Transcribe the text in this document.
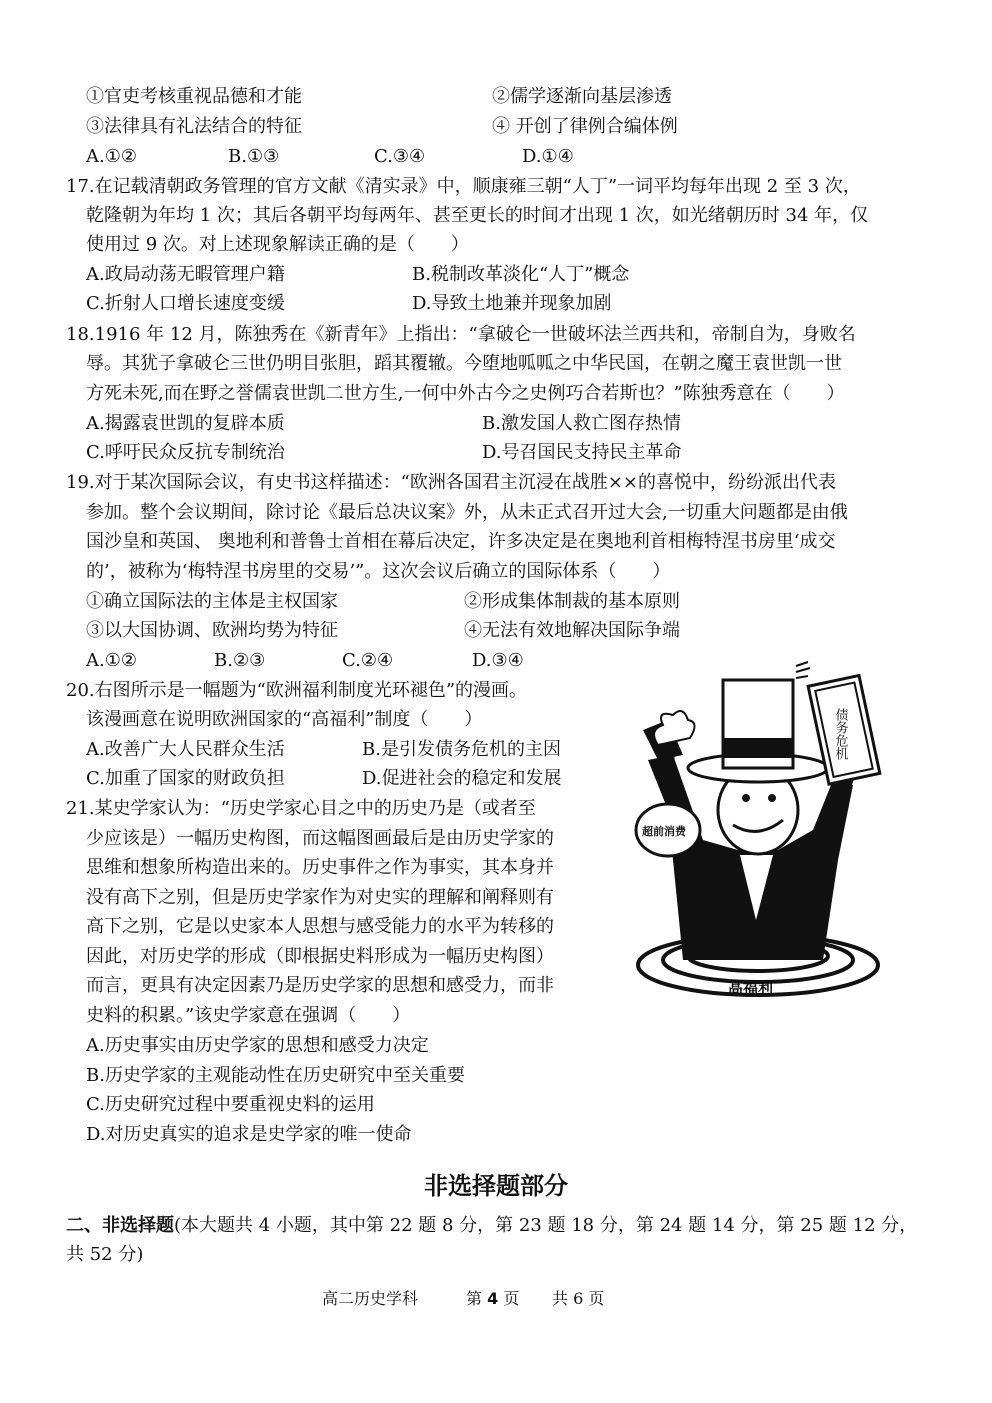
①官吏考核重视品德和才能	②儒学逐渐向基层渗透
③法律具有礼法结合的特征	④ 开创了律例合编体例
A.①②	B.①③	C.③④	D.①④
17.在记载清朝政务管理的官方文献《清实录》中，顺康雍三朝“人丁”一词平均每年出现 2 至 3 次，
乾隆朝为年均 1 次；其后各朝平均每两年、甚至更长的时间才出现 1 次，如光绪朝历时 34 年，仅
使用过 9 次。对上述现象解读正确的是（　　）
A.政局动荡无暇管理户籍	B.税制改革淡化“人丁”概念
C.折射人口增长速度变缓	D.导致土地兼并现象加剧
18.1916 年 12 月，陈独秀在《新青年》上指出：“拿破仑一世破坏法兰西共和，帝制自为，身败名
辱。其犹子拿破仑三世仍明目张胆，蹈其覆辙。今堕地呱呱之中华民国，在朝之魔王袁世凯一世
方死未死,而在野之誉儒袁世凯二世方生,一何中外古今之史例巧合若斯也？”陈独秀意在（　　）
A.揭露袁世凯的复辟本质	B.激发国人救亡图存热情
C.呼吁民众反抗专制统治	D.号召国民支持民主革命
19.对于某次国际会议，有史书这样描述：“欧洲各国君主沉浸在战胜××的喜悦中，纷纷派出代表
参加。整个会议期间，除讨论《最后总决议案》外，从未正式召开过大会,一切重大问题都是由俄
国沙皇和英国、 奥地利和普鲁士首相在幕后决定，许多决定是在奥地利首相梅特涅书房里‘成交
的’，被称为‘梅特涅书房里的交易’”。这次会议后确立的国际体系（　　）
①确立国际法的主体是主权国家	②形成集体制裁的基本原则
③以大国协调、欧洲均势为特征	④无法有效地解决国际争端
A.①②	B.②③	C.②④	D.③④
20.右图所示是一幅题为“欧洲福利制度光环褪色”的漫画。
该漫画意在说明欧洲国家的“高福利”制度（　　）
A.改善广大人民群众生活	B.是引发债务危机的主因
C.加重了国家的财政负担	D.促进社会的稳定和发展
21.某史学家认为：“历史学家心目之中的历史乃是（或者至
少应该是）一幅历史构图，而这幅图画最后是由历史学家的
思维和想象所构造出来的。历史事件之作为事实，其本身并
没有高下之别，但是历史学家作为对史实的理解和阐释则有
高下之别，它是以史家本人思想与感受能力的水平为转移的
因此，对历史学的形成（即根据史料形成为一幅历史构图）
而言，更具有决定因素乃是历史学家的思想和感受力，而非
史料的积累。”该史学家意在强调（　　）
A.历史事实由历史学家的思想和感受力决定
B.历史学家的主观能动性在历史研究中至关重要
C.历史研究过程中要重视史料的运用
D.对历史真实的追求是史学家的唯一使命
债务危机
超前消费
高福利
非选择题部分
二、非选择题(本大题共 4 小题，其中第 22 题 8 分，第 23 题 18 分，第 24 题 14 分，第 25 题 12 分，
共 52 分)
高二历史学科	第 4 页 共 6 页
